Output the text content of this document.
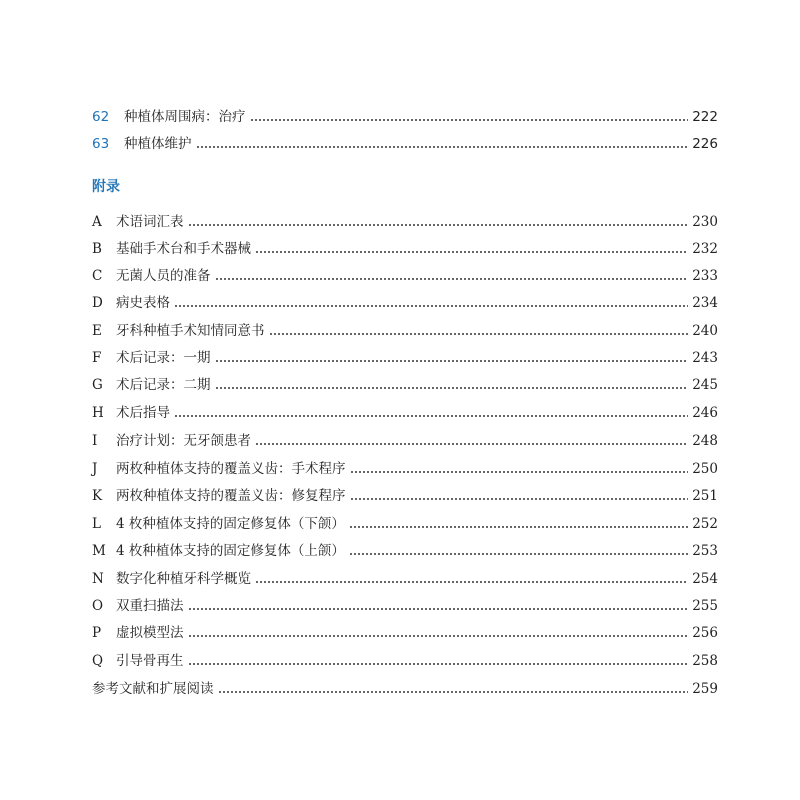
62	种植体周围病：治疗	222
63	种植体维护	226
附录
A	术语词汇表	230
B	基础手术台和手术器械	232
C	无菌人员的准备	233
D 病史表格	234
E	牙科种植手术知情同意书	240
F	术后记录：一期	243
G 术后记录：二期	245
H 术后指导	246
I	治疗计划：无牙颌患者	248
J	两枚种植体支持的覆盖义齿：手术程序	250
K	两枚种植体支持的覆盖义齿：修复程序	251
L	4 枚种植体支持的固定修复体（下颌）	252
M 4 枚种植体支持的固定修复体（上颌）	253
N 数字化种植牙科学概览	254
O 双重扫描法	255
P	虚拟模型法	256
Q 引导骨再生	258
参考文献和扩展阅读	259
